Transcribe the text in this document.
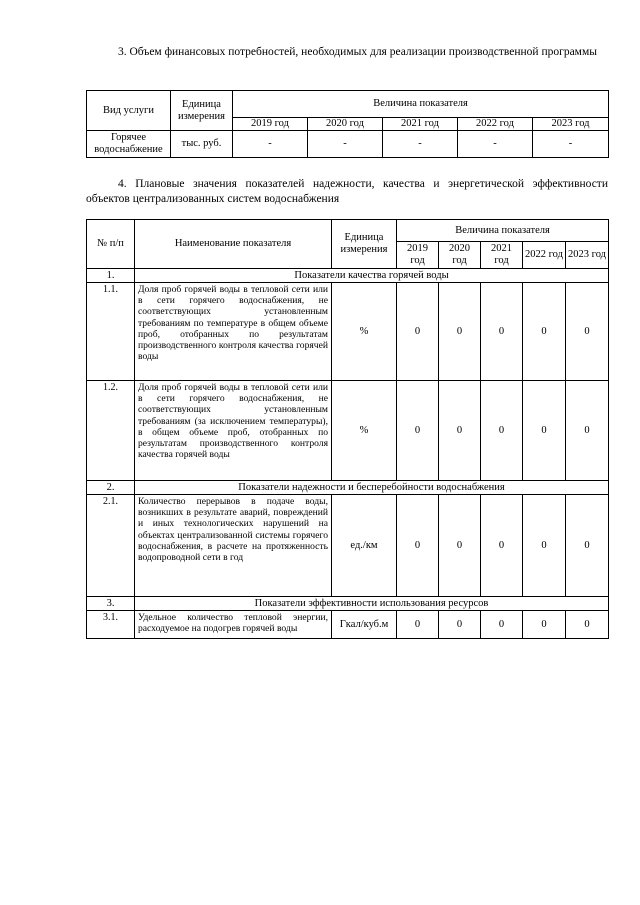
3. Объем финансовых потребностей, необходимых для реализации производственной программы
Вид услуги	Единица измерения	Величина показателя				
		2019 год	2020 год	2021 год	2022 год	2023 год
Горячее водоснабжение	тыс. руб.	-	-	-	-	-
4. Плановые значения показателей надежности, качества и энергетической эффективности объектов централизованных систем водоснабжения
№ п/п	Наименование показателя	Единица измерения	Величина показателя				
			2019 год	2020 год	2021 год	2022 год	2023 год
1.	Показатели качества горячей воды						
1.1.	Доля проб горячей воды в тепловой сети или в сети горячего водоснабжения, не соответствующих установленным требованиям по температуре в общем объеме проб, отобранных по результатам производственного контроля качества горячей воды	%	0	0	0	0	0
1.2.	Доля проб горячей воды в тепловой сети или в сети горячего водоснабжения, не соответствующих установленным требованиям (за исключением температуры), в общем объеме проб, отобранных по результатам производственного контроля качества горячей воды	%	0	0	0	0	0
2.	Показатели надежности и бесперебойности водоснабжения						
2.1.	Количество перерывов в подаче воды, возникших в результате аварий, повреждений и иных технологических нарушений на объектах централизованной системы горячего водоснабжения, в расчете на протяженность водопроводной сети в год	ед./км	0	0	0	0	0
3.	Показатели эффективности использования ресурсов						
3.1.	Удельное количество тепловой энергии, расходуемое на подогрев горячей воды	Гкал/куб.м	0	0	0	0	0
